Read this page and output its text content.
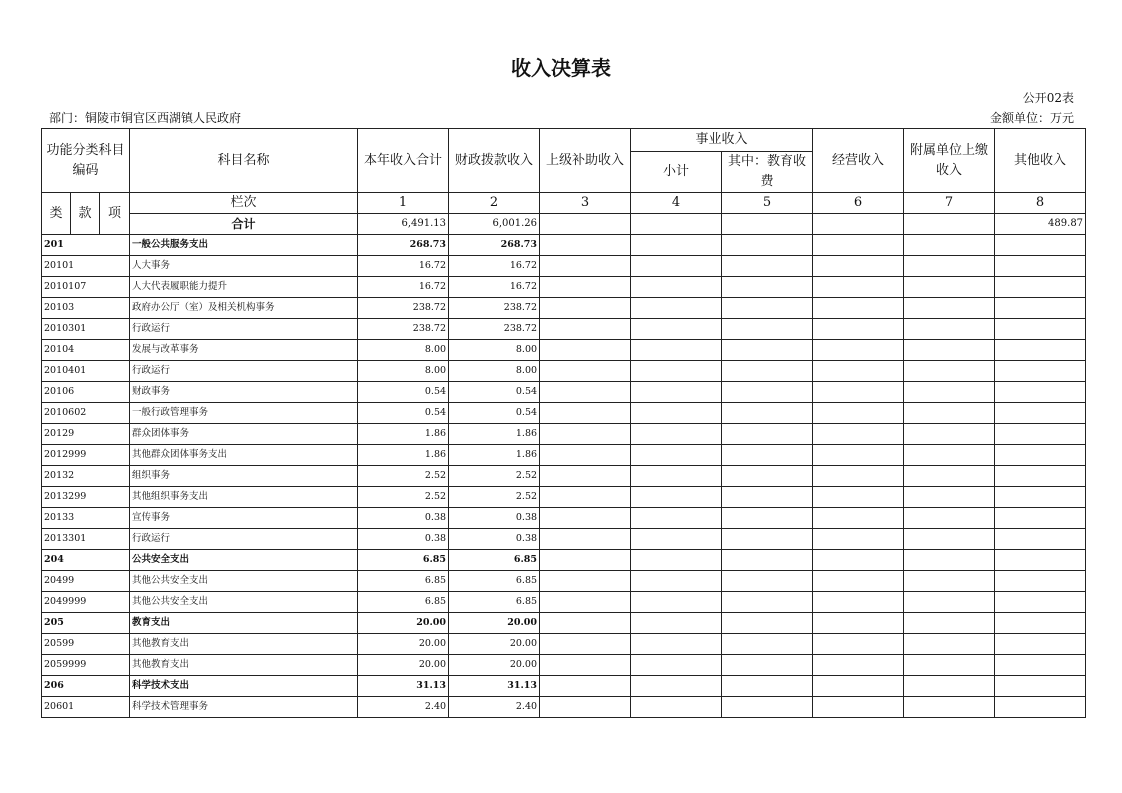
收入决算表
公开02表
部门：铜陵市铜官区西湖镇人民政府	金额单位：万元
功能分类科目编码			科目名称	本年收入合计	财政拨款收入	上级补助收入	事业收入		经营收入	附属单位上缴收入	其他收入
							小计	其中：教育收费			
类	款	项	栏次	1	2	3	4	5	6	7	8
			合计	6,491.13	6,001.26						489.87
201			一般公共服务支出	268.73	268.73						
20101			人大事务	16.72	16.72						
2010107			人大代表履职能力提升	16.72	16.72						
20103			政府办公厅（室）及相关机构事务	238.72	238.72						
2010301			行政运行	238.72	238.72						
20104			发展与改革事务	8.00	8.00						
2010401			行政运行	8.00	8.00						
20106			财政事务	0.54	0.54						
2010602			一般行政管理事务	0.54	0.54						
20129			群众团体事务	1.86	1.86						
2012999			其他群众团体事务支出	1.86	1.86						
20132			组织事务	2.52	2.52						
2013299			其他组织事务支出	2.52	2.52						
20133			宣传事务	0.38	0.38						
2013301			行政运行	0.38	0.38						
204			公共安全支出	6.85	6.85						
20499			其他公共安全支出	6.85	6.85						
2049999			其他公共安全支出	6.85	6.85						
205			教育支出	20.00	20.00						
20599			其他教育支出	20.00	20.00						
2059999			其他教育支出	20.00	20.00						
206			科学技术支出	31.13	31.13						
20601			科学技术管理事务	2.40	2.40						
